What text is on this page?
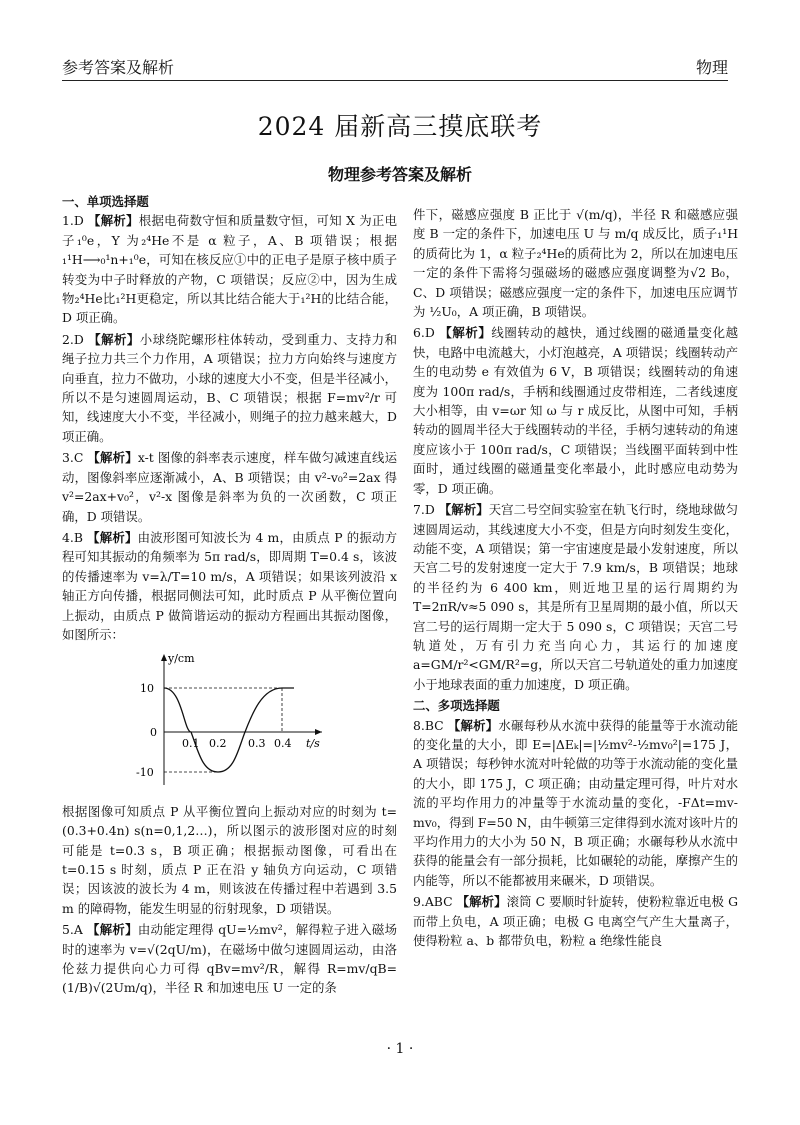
参考答案及解析	物理
2024 届新高三摸底联考
物理参考答案及解析

一、单项选择题

1.D 【解析】根据电荷数守恒和质量数守恒，可知 X 为正电子₁⁰e，Y 为₂⁴He不是 α 粒子，A、B 项错误；根据 ₁¹H⟶₀¹n+₁⁰e，可知在核反应①中的正电子是原子核中质子转变为中子时释放的产物，C 项错误；反应②中，因为生成物₂⁴He比₁²H更稳定，所以其比结合能大于₁²H的比结合能，D 项正确。

2.D 【解析】小球绕陀螺形柱体转动，受到重力、支持力和绳子拉力共三个力作用，A 项错误；拉力方向始终与速度方向垂直，拉力不做功，小球的速度大小不变，但是半径减小，所以不是匀速圆周运动，B、C 项错误；根据 F=mv²/r 可知，线速度大小不变，半径减小，则绳子的拉力越来越大，D 项正确。

3.C 【解析】x-t 图像的斜率表示速度，样车做匀减速直线运动，图像斜率应逐渐减小，A、B 项错误；由 v²-v₀²=2ax 得 v²=2ax+v₀²，v²-x 图像是斜率为负的一次函数，C 项正确，D 项错误。

4.B 【解析】由波形图可知波长为 4 m，由质点 P 的振动方程可知其振动的角频率为 5π rad/s，即周期 T=0.4 s，该波的传播速率为 v=λ/T=10 m/s，A 项错误；如果该列波沿 x 轴正方向传播，根据同侧法可知，此时质点 P 从平衡位置向上振动，由质点 P 做简谐运动的振动方程画出其振动图像，如图所示：

y/cm
t/s
10
0
-10
0.1 0.2 0.3 0.4

根据图像可知质点 P 从平衡位置向上振动对应的时刻为 t=(0.3+0.4n) s(n=0,1,2…)，所以图示的波形图对应的时刻可能是 t=0.3 s，B 项正确；根据振动图像，可看出在 t=0.15 s 时刻，质点 P 正在沿 y 轴负方向运动，C 项错误；因该波的波长为 4 m，则该波在传播过程中若遇到 3.5 m 的障碍物，能发生明显的衍射现象，D 项错误。

5.A 【解析】由动能定理得 qU=½mv²，解得粒子进入磁场时的速率为 v=√(2qU/m)，在磁场中做匀速圆周运动，由洛伦兹力提供向心力可得 qBv=mv²/R，解得 R=mv/qB=(1/B)√(2Um/q)，半径 R 和加速电压 U 一定的条

件下，磁感应强度 B 正比于 √(m/q)，半径 R 和磁感应强度 B 一定的条件下，加速电压 U 与 m/q 成反比，质子₁¹H的质荷比为 1，α 粒子₂⁴He的质荷比为 2，所以在加速电压一定的条件下需将匀强磁场的磁感应强度调整为√2 B₀，C、D 项错误；磁感应强度一定的条件下，加速电压应调节为 ½U₀，A 项正确，B 项错误。

6.D 【解析】线圈转动的越快，通过线圈的磁通量变化越快，电路中电流越大，小灯泡越亮，A 项错误；线圈转动产生的电动势 e 有效值为 6 V，B 项错误；线圈转动的角速度为 100π rad/s，手柄和线圈通过皮带相连，二者线速度大小相等，由 v=ωr 知 ω 与 r 成反比，从图中可知，手柄转动的圆周半径大于线圈转动的半径，手柄匀速转动的角速度应该小于 100π rad/s，C 项错误；当线圈平面转到中性面时，通过线圈的磁通量变化率最小，此时感应电动势为零，D 项正确。

7.D 【解析】天宫二号空间实验室在轨飞行时，绕地球做匀速圆周运动，其线速度大小不变，但是方向时刻发生变化，动能不变，A 项错误；第一宇宙速度是最小发射速度，所以天宫二号的发射速度一定大于 7.9 km/s，B 项错误；地球的半径约为 6 400 km，则近地卫星的运行周期约为 T=2πR/v≈5 090 s，其是所有卫星周期的最小值，所以天宫二号的运行周期一定大于 5 090 s，C 项错误；天宫二号轨道处，万有引力充当向心力，其运行的加速度 a=GM/r²<GM/R²=g，所以天宫二号轨道处的重力加速度小于地球表面的重力加速度，D 项正确。

二、多项选择题

8.BC 【解析】水碾每秒从水流中获得的能量等于水流动能的变化量的大小，即 E=|ΔEₖ|=|½mv²-½mv₀²|=175 J，A 项错误；每秒钟水流对叶轮做的功等于水流动能的变化量的大小，即 175 J，C 项正确；由动量定理可得，叶片对水流的平均作用力的冲量等于水流动量的变化，-FΔt=mv-mv₀，得到 F=50 N，由牛顿第三定律得到水流对该叶片的平均作用力的大小为 50 N，B 项正确；水碾每秒从水流中获得的能量会有一部分损耗，比如碾轮的动能，摩擦产生的内能等，所以不能都被用来碾米，D 项错误。

9.ABC 【解析】滚筒 C 要顺时针旋转，使粉粒靠近电极 G 而带上负电，A 项正确；电极 G 电离空气产生大量离子，使得粉粒 a、b 都带负电，粉粒 a 绝缘性能良

· 1 ·
